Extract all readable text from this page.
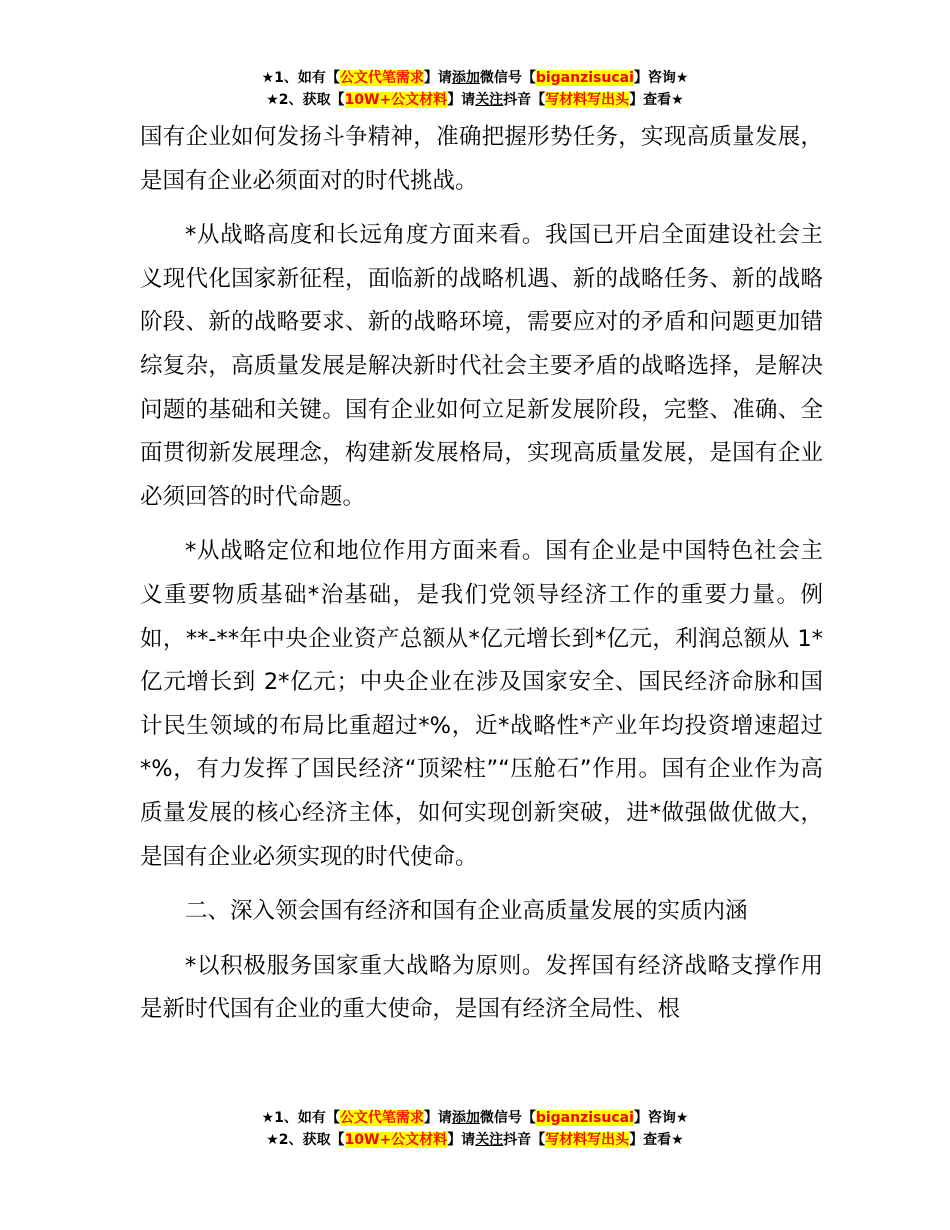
★1、如有【公文代笔需求】请添加微信号【biganzisucai】咨询★
★2、获取【10W+公文材料】请关注抖音【写材料写出头】查看★

国有企业如何发扬斗争精神，准确把握形势任务，实现高质量发展，是国有企业必须面对的时代挑战。

*从战略高度和长远角度方面来看。我国已开启全面建设社会主义现代化国家新征程，面临新的战略机遇、新的战略任务、新的战略阶段、新的战略要求、新的战略环境，需要应对的矛盾和问题更加错综复杂，高质量发展是解决新时代社会主要矛盾的战略选择，是解决问题的基础和关键。国有企业如何立足新发展阶段，完整、准确、全面贯彻新发展理念，构建新发展格局，实现高质量发展，是国有企业必须回答的时代命题。

*从战略定位和地位作用方面来看。国有企业是中国特色社会主义重要物质基础*治基础，是我们党领导经济工作的重要力量。例如，**-**年中央企业资产总额从*亿元增长到*亿元，利润总额从 1*亿元增长到 2*亿元；中央企业在涉及国家安全、国民经济命脉和国计民生领域的布局比重超过*%，近*战略性*产业年均投资增速超过*%，有力发挥了国民经济“顶梁柱”“压舱石”作用。国有企业作为高质量发展的核心经济主体，如何实现创新突破，进*做强做优做大，是国有企业必须实现的时代使命。

二、深入领会国有经济和国有企业高质量发展的实质内涵

*以积极服务国家重大战略为原则。发挥国有经济战略支撑作用是新时代国有企业的重大使命，是国有经济全局性、根

★1、如有【公文代笔需求】请添加微信号【biganzisucai】咨询★
★2、获取【10W+公文材料】请关注抖音【写材料写出头】查看★
